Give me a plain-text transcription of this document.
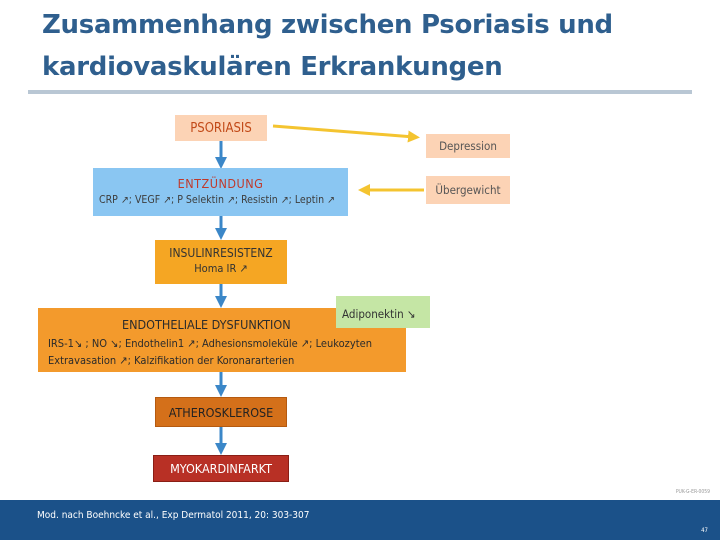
Zusammenhang zwischen Psoriasis und kardiovaskulären Erkrankungen
PSORIASIS
Depression
Übergewicht
ENTZÜNDUNG
CRP ↗; VEGF ↗; P Selektin ↗; Resistin ↗; Leptin ↗
INSULINRESISTENZ
Homa IR ↗
ENDOTHELIALE DYSFUNKTION
IRS-1↘ ; NO ↘; Endothelin1 ↗; Adhesionsmoleküle ↗; Leukozyten Extravasation ↗; Kalzifikation der Koronararterien
Adiponektin ↘
ATHEROSKLEROSE
MYOKARDINFARKT
PUK-G-ER-0059
Mod. nach Boehncke et al., Exp Dermatol 2011, 20: 303-307
47
